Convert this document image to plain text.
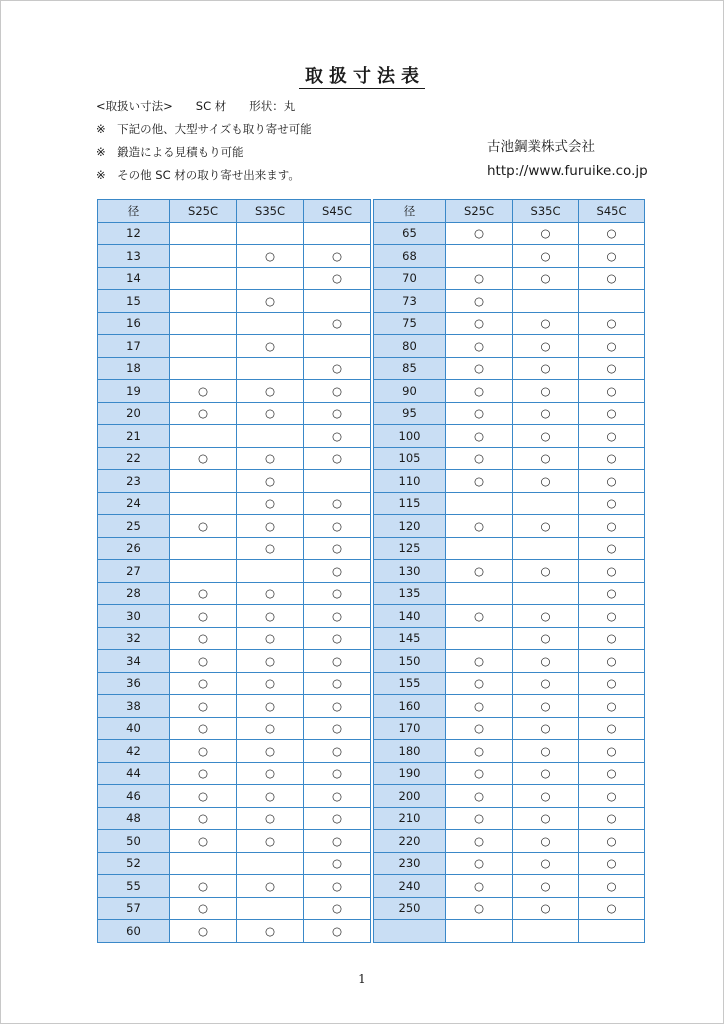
取扱寸法表
<取扱い寸法>　　SC 材　　形状：丸
※　下記の他、大型サイズも取り寄せ可能
※　鍛造による見積もり可能
※　その他 SC 材の取り寄せ出来ます。
古池鋼業株式会社
http://www.furuike.co.jp
径	S25C	S35C	S45C
12			
13		○	○
14			○
15		○	
16			○
17		○	
18			○
19	○	○	○
20	○	○	○
21			○
22	○	○	○
23		○	
24		○	○
25	○	○	○
26		○	○
27			○
28	○	○	○
30	○	○	○
32	○	○	○
34	○	○	○
36	○	○	○
38	○	○	○
40	○	○	○
42	○	○	○
44	○	○	○
46	○	○	○
48	○	○	○
50	○	○	○
52			○
55	○	○	○
57	○		○
60	○	○	○
径	S25C	S35C	S45C
65	○	○	○
68		○	○
70	○	○	○
73	○		
75	○	○	○
80	○	○	○
85	○	○	○
90	○	○	○
95	○	○	○
100	○	○	○
105	○	○	○
110	○	○	○
115			○
120	○	○	○
125			○
130	○	○	○
135			○
140	○	○	○
145		○	○
150	○	○	○
155	○	○	○
160	○	○	○
170	○	○	○
180	○	○	○
190	○	○	○
200	○	○	○
210	○	○	○
220	○	○	○
230	○	○	○
240	○	○	○
250	○	○	○

1
